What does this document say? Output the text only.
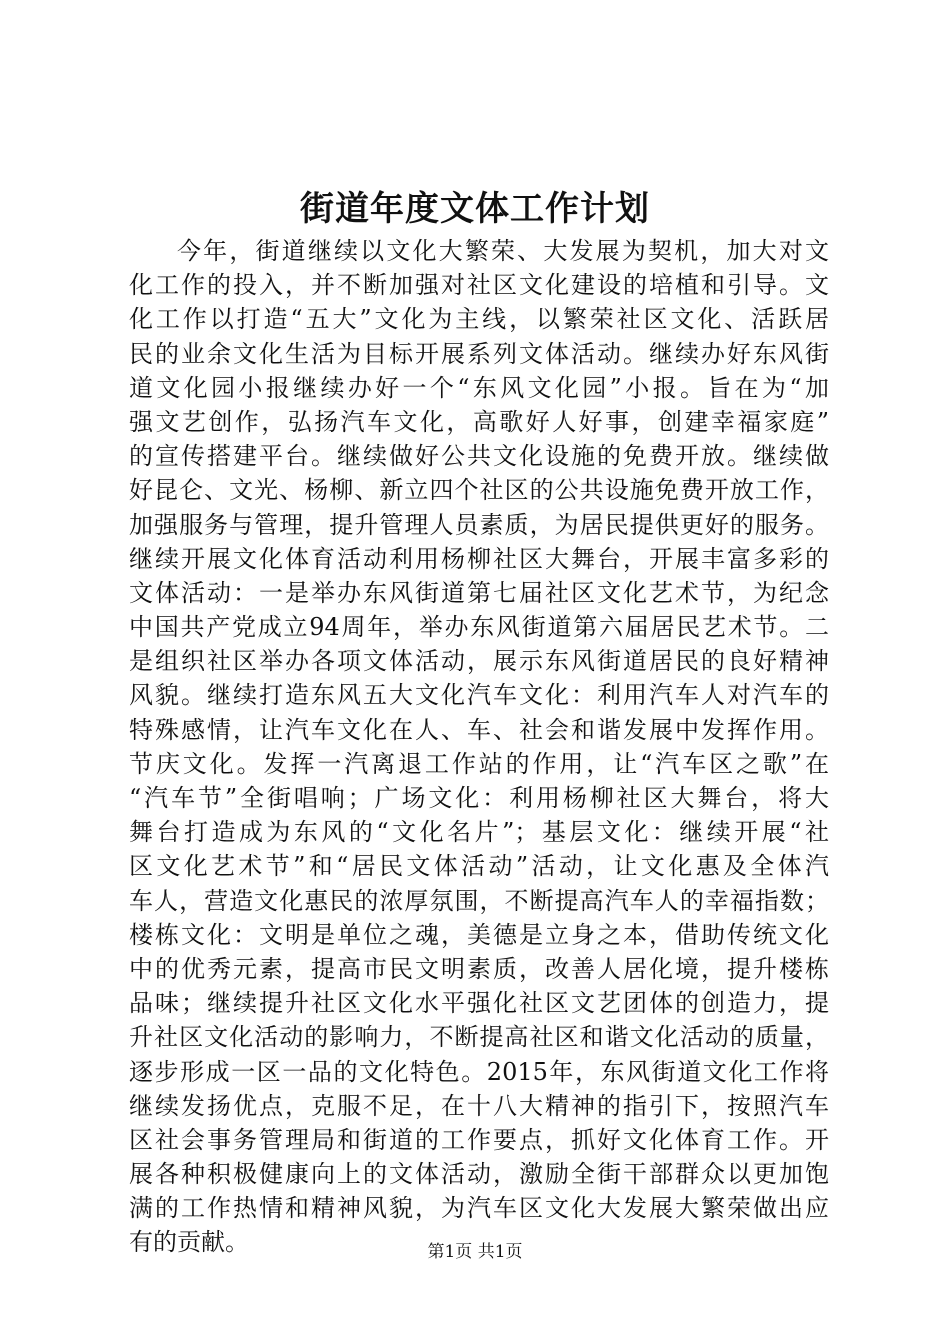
街道年度文体工作计划
今年，街道继续以文化大繁荣、大发展为契机，加大对文
化工作的投入，并不断加强对社区文化建设的培植和引导。文
化工作以打造“五大”文化为主线，以繁荣社区文化、活跃居
民的业余文化生活为目标开展系列文体活动。继续办好东风街
道文化园小报继续办好一个“东风文化园”小报。旨在为“加
强文艺创作，弘扬汽车文化，高歌好人好事，创建幸福家庭”
的宣传搭建平台。继续做好公共文化设施的免费开放。继续做
好昆仑、文光、杨柳、新立四个社区的公共设施免费开放工作，
加强服务与管理，提升管理人员素质，为居民提供更好的服务。
继续开展文化体育活动利用杨柳社区大舞台，开展丰富多彩的
文体活动：一是举办东风街道第七届社区文化艺术节，为纪念
中国共产党成立94周年，举办东风街道第六届居民艺术节。二
是组织社区举办各项文体活动，展示东风街道居民的良好精神
风貌。继续打造东风五大文化汽车文化：利用汽车人对汽车的
特殊感情，让汽车文化在人、车、社会和谐发展中发挥作用。
节庆文化。发挥一汽离退工作站的作用，让“汽车区之歌”在
“汽车节”全街唱响；广场文化：利用杨柳社区大舞台，将大
舞台打造成为东风的“文化名片”；基层文化：继续开展“社
区文化艺术节”和“居民文体活动”活动，让文化惠及全体汽
车人，营造文化惠民的浓厚氛围，不断提高汽车人的幸福指数；
楼栋文化：文明是单位之魂，美德是立身之本，借助传统文化
中的优秀元素，提高市民文明素质，改善人居化境，提升楼栋
品味；继续提升社区文化水平强化社区文艺团体的创造力，提
升社区文化活动的影响力，不断提高社区和谐文化活动的质量，
逐步形成一区一品的文化特色。2015年，东风街道文化工作将
继续发扬优点，克服不足，在十八大精神的指引下，按照汽车
区社会事务管理局和街道的工作要点，抓好文化体育工作。开
展各种积极健康向上的文体活动，激励全街干部群众以更加饱
满的工作热情和精神风貌，为汽车区文化大发展大繁荣做出应
有的贡献。	第1页 共1页
